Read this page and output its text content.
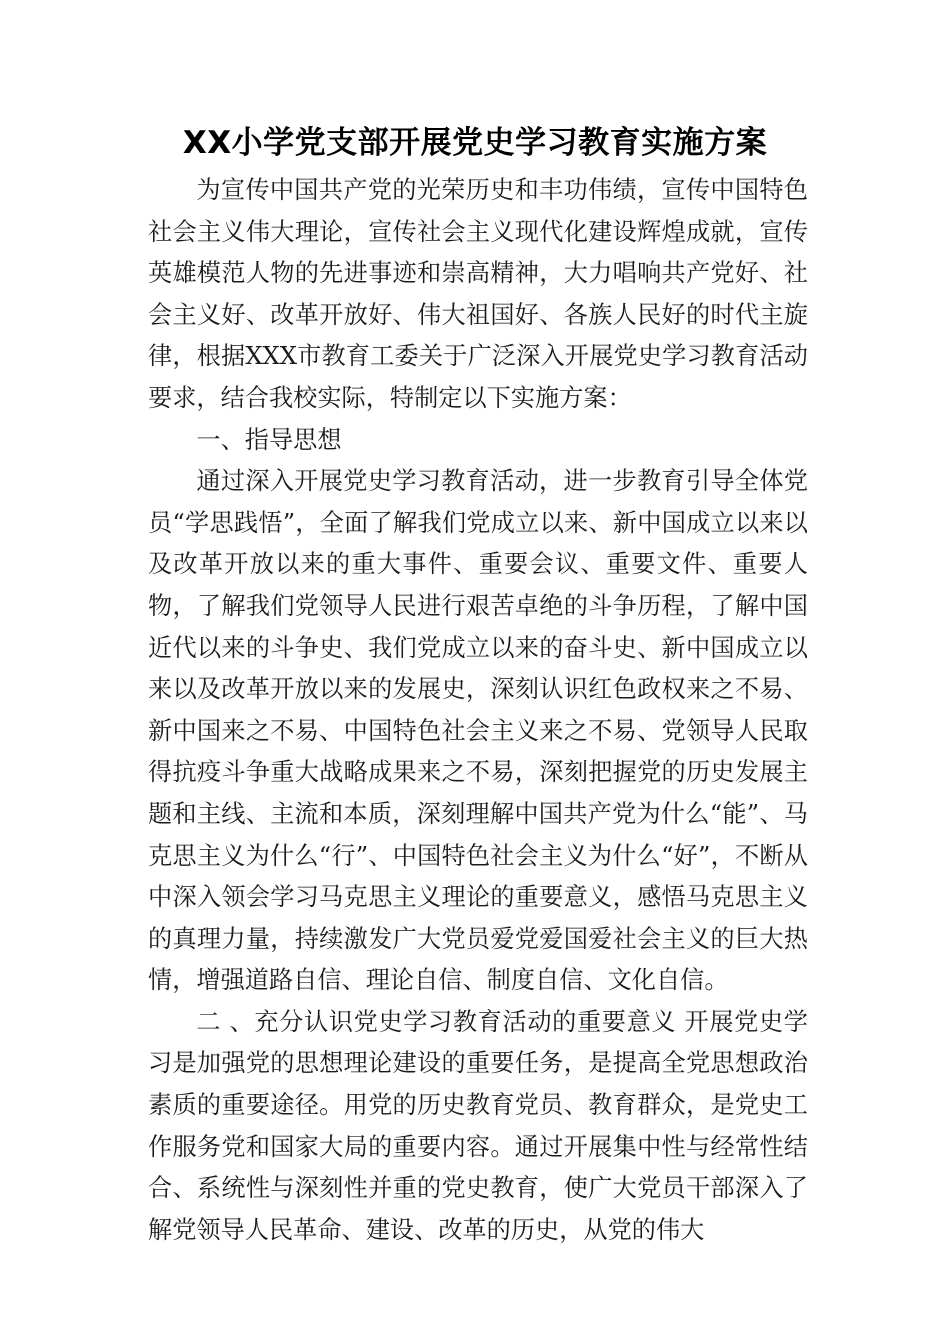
XX小学党支部开展党史学习教育实施方案

为宣传中国共产党的光荣历史和丰功伟绩，宣传中国特色社会主义伟大理论，宣传社会主义现代化建设辉煌成就，宣传英雄模范人物的先进事迹和崇高精神，大力唱响共产党好、社会主义好、改革开放好、伟大祖国好、各族人民好的时代主旋律，根据XXX市教育工委关于广泛深入开展党史学习教育活动要求，结合我校实际，特制定以下实施方案：

一、指导思想

通过深入开展党史学习教育活动，进一步教育引导全体党员“学思践悟”，全面了解我们党成立以来、新中国成立以来以及改革开放以来的重大事件、重要会议、重要文件、重要人物，了解我们党领导人民进行艰苦卓绝的斗争历程，了解中国近代以来的斗争史、我们党成立以来的奋斗史、新中国成立以来以及改革开放以来的发展史，深刻认识红色政权来之不易、新中国来之不易、中国特色社会主义来之不易、党领导人民取得抗疫斗争重大战略成果来之不易，深刻把握党的历史发展主题和主线、主流和本质，深刻理解中国共产党为什么“能”、马克思主义为什么“行”、中国特色社会主义为什么“好”，不断从中深入领会学习马克思主义理论的重要意义，感悟马克思主义的真理力量，持续激发广大党员爱党爱国爱社会主义的巨大热情，增强道路自信、理论自信、制度自信、文化自信。

二 、充分认识党史学习教育活动的重要意义 开展党史学习是加强党的思想理论建设的重要任务，是提高全党思想政治素质的重要途径。用党的历史教育党员、教育群众，是党史工作服务党和国家大局的重要内容。通过开展集中性与经常性结合、系统性与深刻性并重的党史教育，使广大党员干部深入了解党领导人民革命、建设、改革的历史，从党的伟大
